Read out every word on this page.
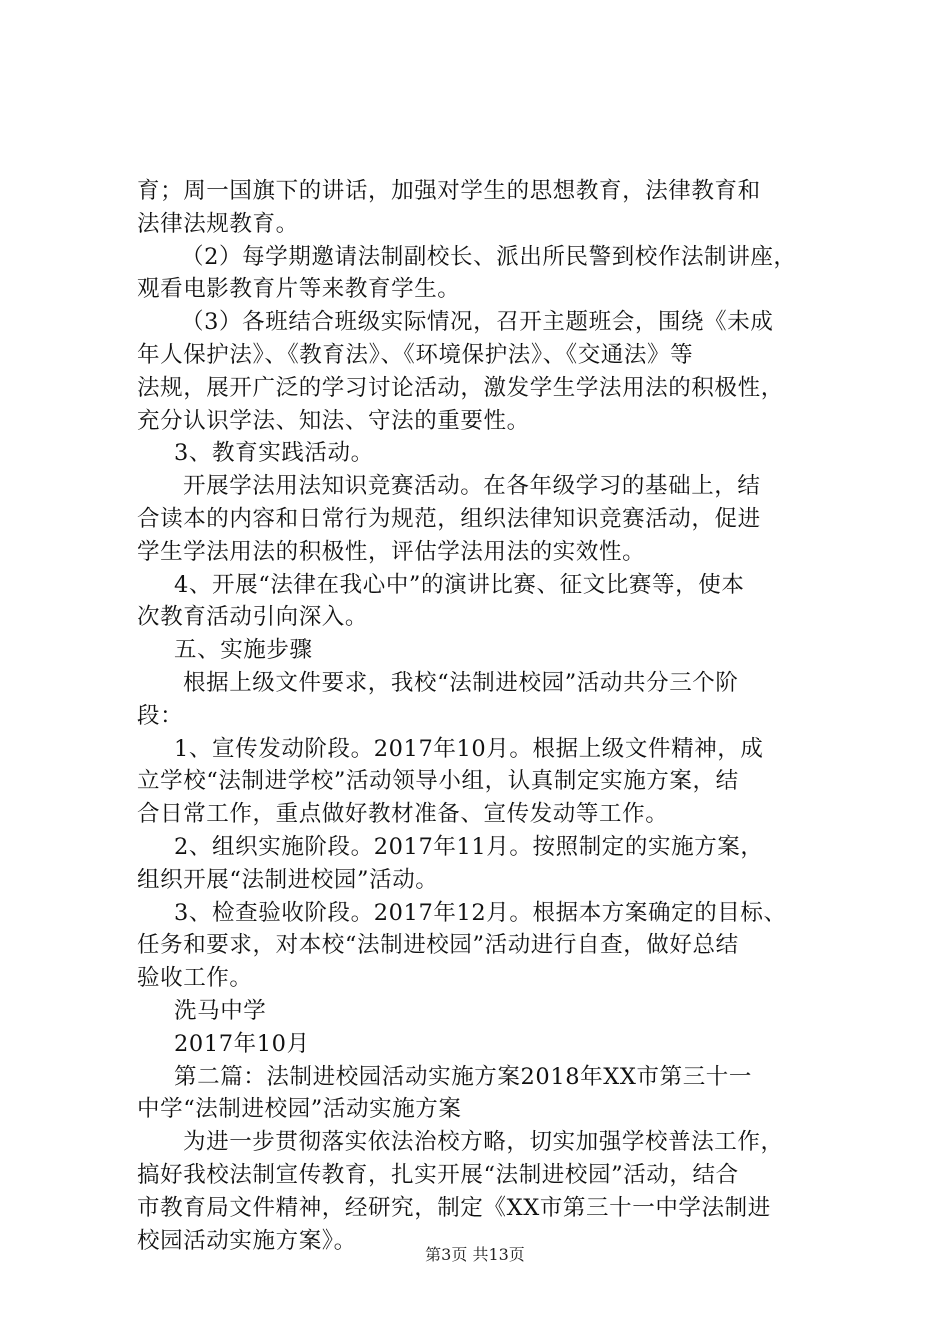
育；周一国旗下的讲话，加强对学生的思想教育，法律教育和
法律法规教育。
（2）每学期邀请法制副校长、派出所民警到校作法制讲座，
观看电影教育片等来教育学生。
（3）各班结合班级实际情况，召开主题班会，围绕《未成
年人保护法》、《教育法》、《环境保护法》、《交通法》等
法规，展开广泛的学习讨论活动，激发学生学法用法的积极性，
充分认识学法、知法、守法的重要性。
3、教育实践活动。
开展学法用法知识竞赛活动。在各年级学习的基础上，结
合读本的内容和日常行为规范，组织法律知识竞赛活动，促进
学生学法用法的积极性，评估学法用法的实效性。
4、开展“法律在我心中”的演讲比赛、征文比赛等，使本
次教育活动引向深入。
五、实施步骤
根据上级文件要求，我校“法制进校园”活动共分三个阶
段：
1、宣传发动阶段。2017年10月。根据上级文件精神，成
立学校“法制进学校”活动领导小组，认真制定实施方案，结
合日常工作，重点做好教材准备、宣传发动等工作。
2、组织实施阶段。2017年11月。按照制定的实施方案，
组织开展“法制进校园”活动。
3、检查验收阶段。2017年12月。根据本方案确定的目标、
任务和要求，对本校“法制进校园”活动进行自查，做好总结
验收工作。
洗马中学
2017年10月
第二篇：法制进校园活动实施方案2018年XX市第三十一
中学“法制进校园”活动实施方案
为进一步贯彻落实依法治校方略，切实加强学校普法工作，
搞好我校法制宣传教育，扎实开展“法制进校园”活动，结合
市教育局文件精神，经研究，制定《XX市第三十一中学法制进
校园活动实施方案》。
第3页 共13页
